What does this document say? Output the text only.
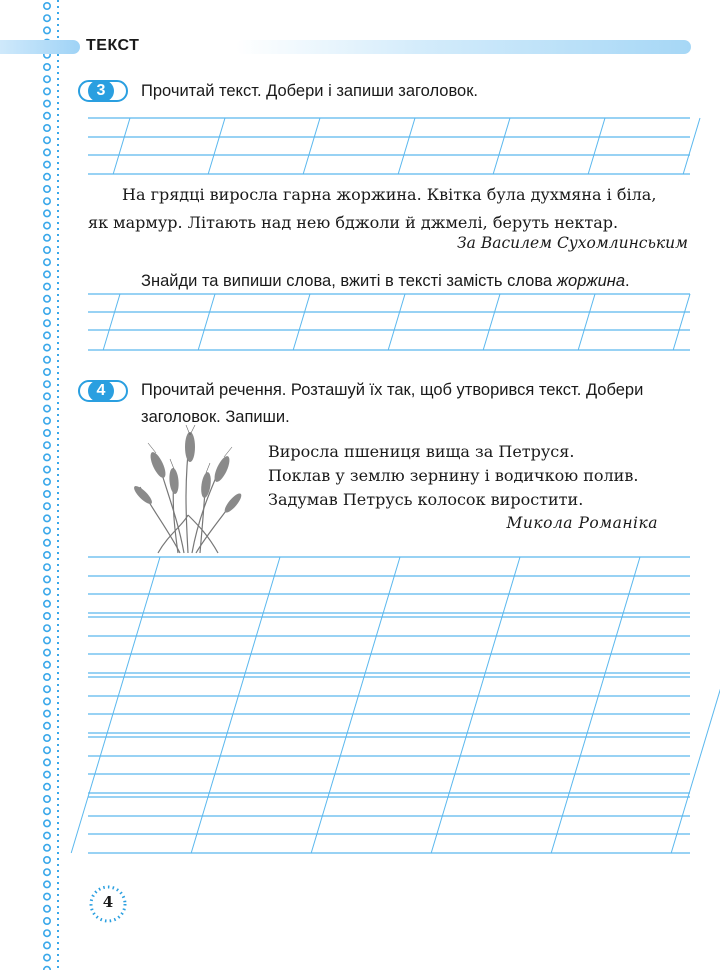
ТЕКСТ
3	Прочитай текст. Добери і запиши заголовок.
На грядці виросла гарна жоржина. Квітка була духмяна і біла,
як мармур. Літають над нею бджоли й джмелі, беруть нектар.
За Василем Сухомлинським
Знайди та випиши слова, вжиті в тексті замість слова жоржина.
4	Прочитай речення. Розташуй їх так, щоб утворився текст. Добери
заголовок. Запиши.
Виросла пшениця вища за Петруся.
Поклав у землю зернину і водичкою полив.
Задумав Петрусь колосок виростити.
Микола Романіка
4
